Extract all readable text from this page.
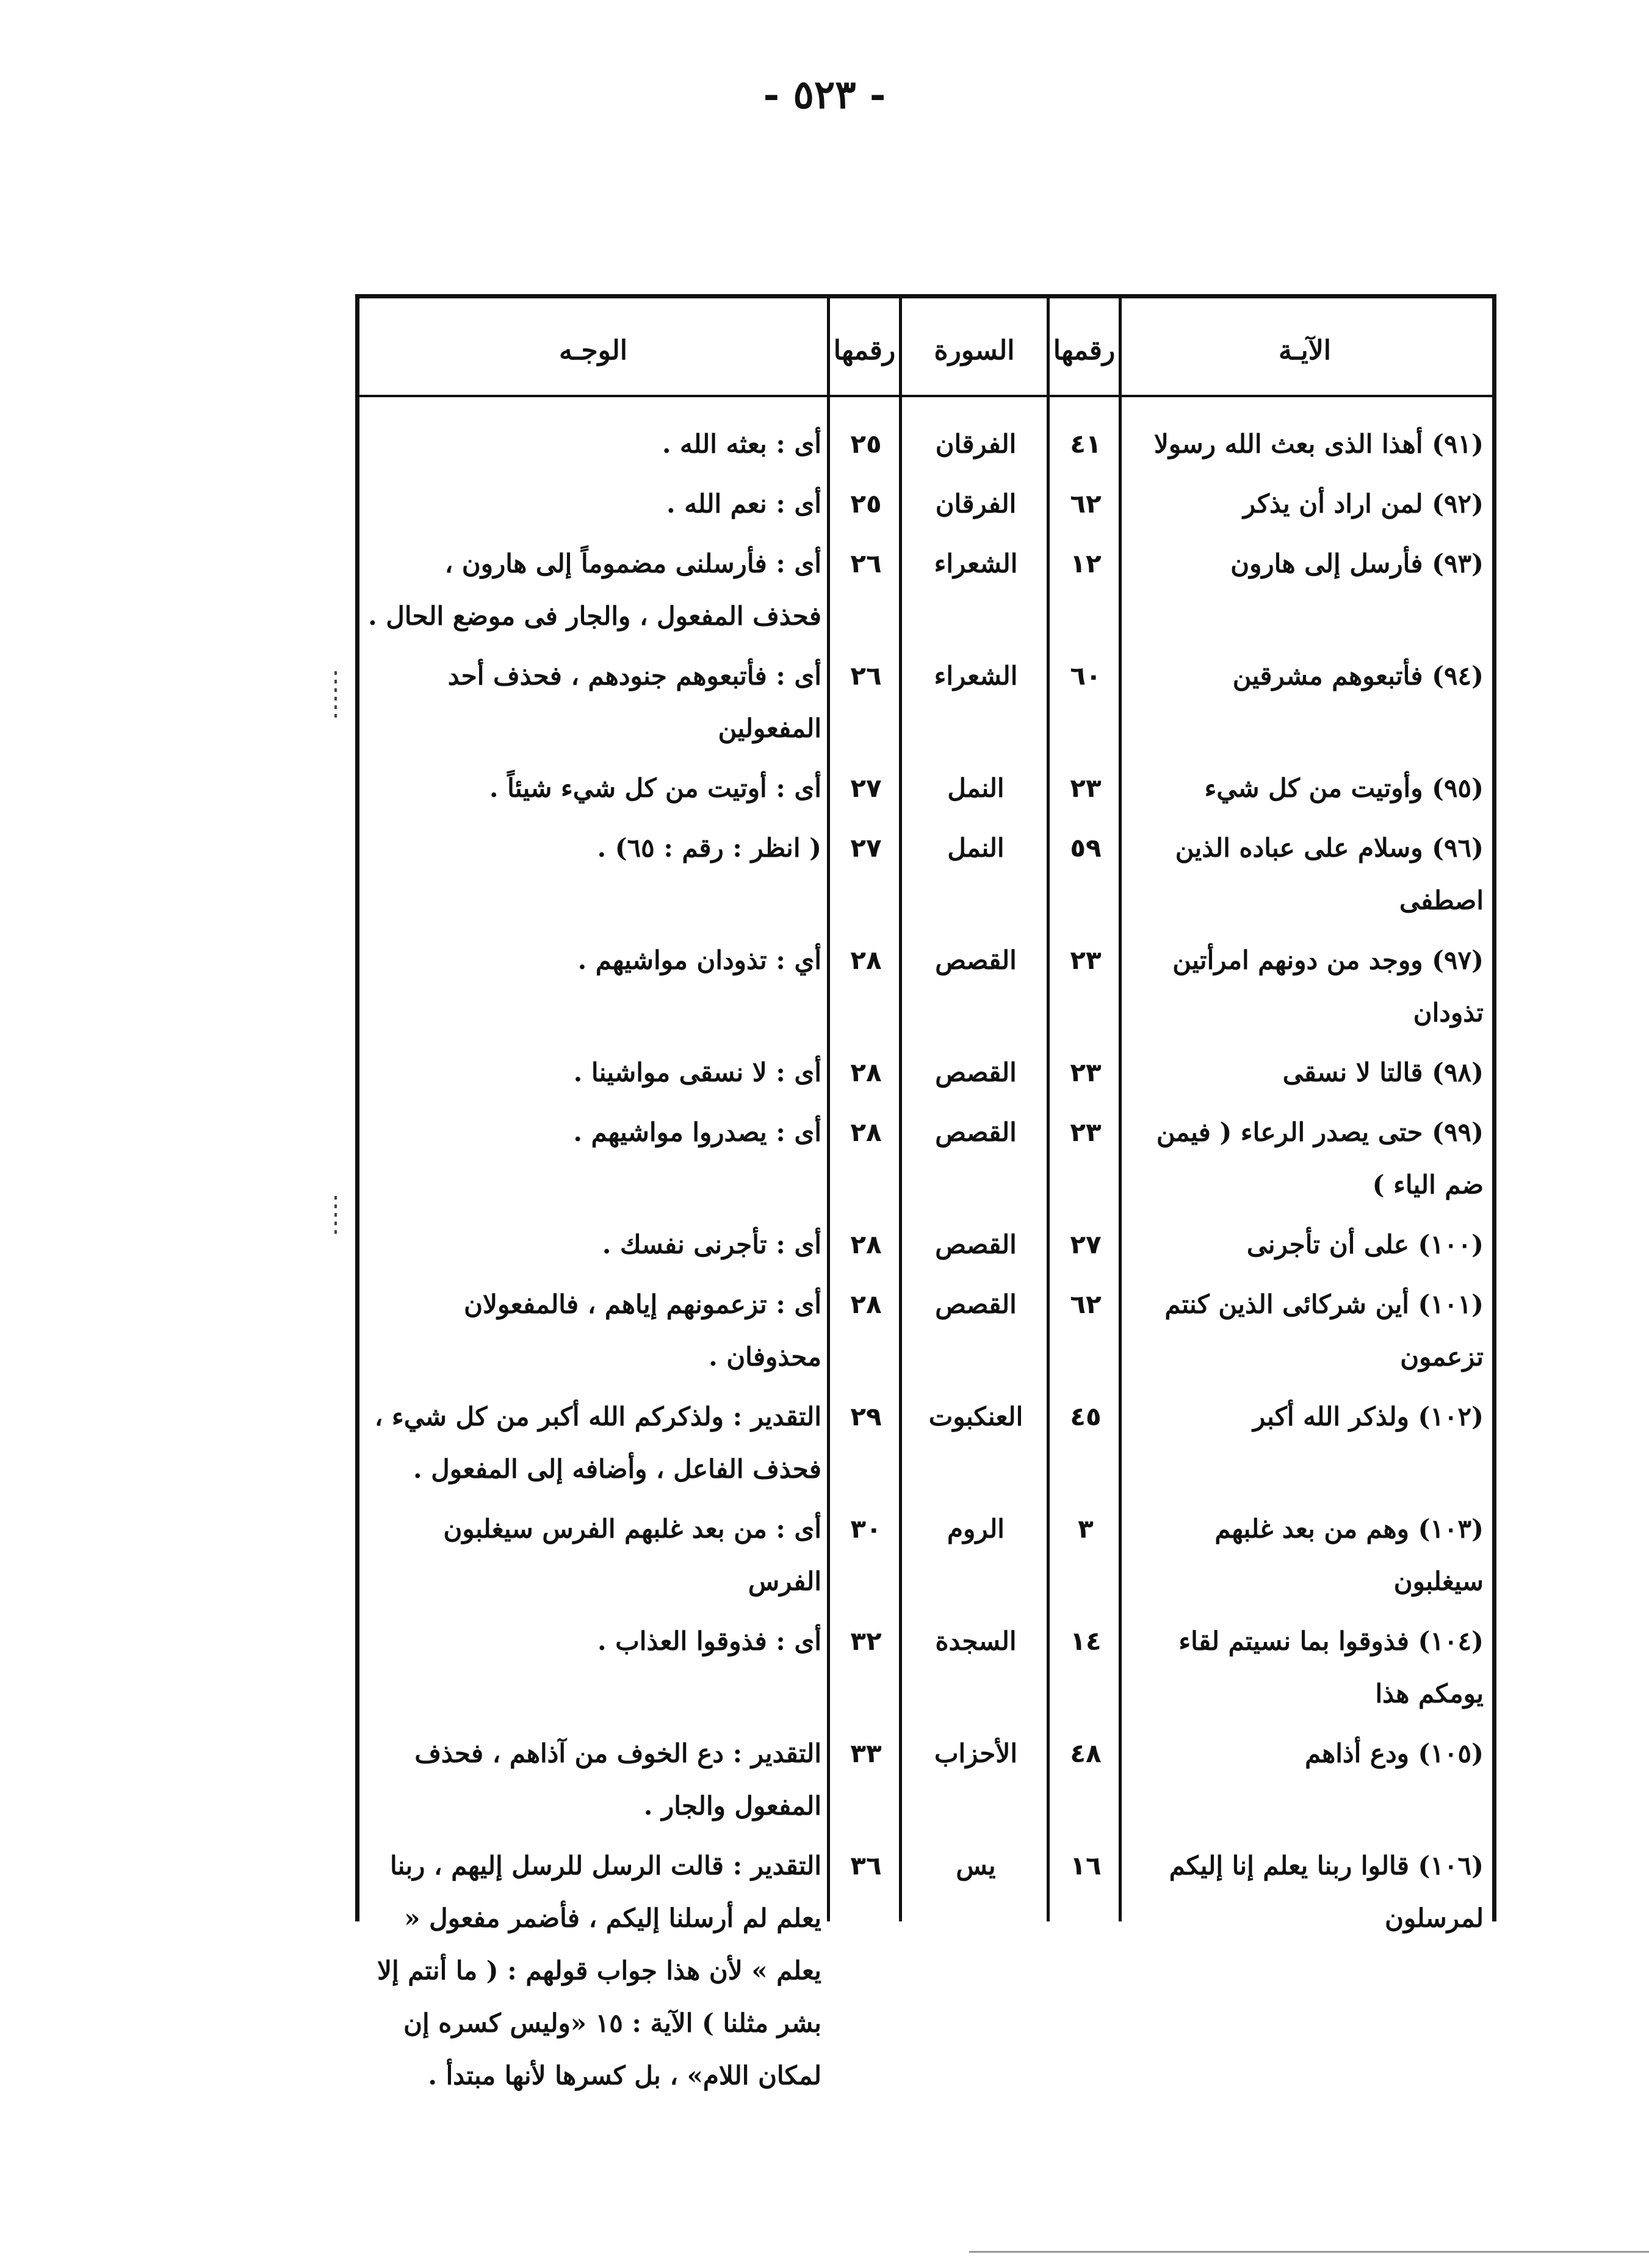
- ٥٢٣ -
الوجـه	رقمها	السورة	رقمها	الآيـة
(٩١) أهذا الذى بعث الله رسولا	٤١	الفرقان	٢٥	أى : بعثه الله .
(٩٢) لمن اراد أن يذكر	٦٢	الفرقان	٢٥	أى : نعم الله .
(٩٣) فأرسل إلى هارون	١٢	الشعراء	٢٦	أى : فأرسلنى مضموماً إلى هارون ، فحذف المفعول ، والجار فى موضع الحال .
(٩٤) فأتبعوهم مشرقين	٦٠	الشعراء	٢٦	أى : فأتبعوهم جنودهم ، فحذف أحد المفعولين
(٩٥) وأوتيت من كل شيء	٢٣	النمل	٢٧	أى : أوتيت من كل شيء شيئاً .
(٩٦) وسلام على عباده الذين اصطفى	٥٩	النمل	٢٧	( انظر : رقم : ٦٥) .
(٩٧) ووجد من دونهم امرأتين تذودان	٢٣	القصص	٢٨	أي : تذودان مواشيهم .
(٩٨) قالتا لا نسقى	٢٣	القصص	٢٨	أى : لا نسقى مواشينا .
(٩٩) حتى يصدر الرعاء ( فيمن ضم الياء )	٢٣	القصص	٢٨	أى : يصدروا مواشيهم .
(١٠٠) على أن تأجرنى	٢٧	القصص	٢٨	أى : تأجرنى نفسك .
(١٠١) أين شركائى الذين كنتم تزعمون	٦٢	القصص	٢٨	أى : تزعمونهم إياهم ، فالمفعولان محذوفان .
(١٠٢) ولذكر الله أكبر	٤٥	العنكبوت	٢٩	التقدير : ولذكركم الله أكبر من كل شيء ، فحذف الفاعل ، وأضافه إلى المفعول .
(١٠٣) وهم من بعد غلبهم سيغلبون	٣	الروم	٣٠	أى : من بعد غلبهم الفرس سيغلبون الفرس
(١٠٤) فذوقوا بما نسيتم لقاء يومكم هذا	١٤	السجدة	٣٢	أى : فذوقوا العذاب .
(١٠٥) ودع أذاهم	٤٨	الأحزاب	٣٣	التقدير : دع الخوف من آذاهم ، فحذف المفعول والجار .
(١٠٦) قالوا ربنا يعلم إنا إليكم لمرسلون	١٦	يس	٣٦	التقدير : قالت الرسل للرسل إليهم ، ربنا يعلم لم أرسلنا إليكم ، فأضمر مفعول « يعلم » لأن هذا جواب قولهم : ( ما أنتم إلا بشر مثلنا ) الآية : ١٥ «وليس كسره إن لمكان اللام» ، بل كسرها لأنها مبتدأ .
